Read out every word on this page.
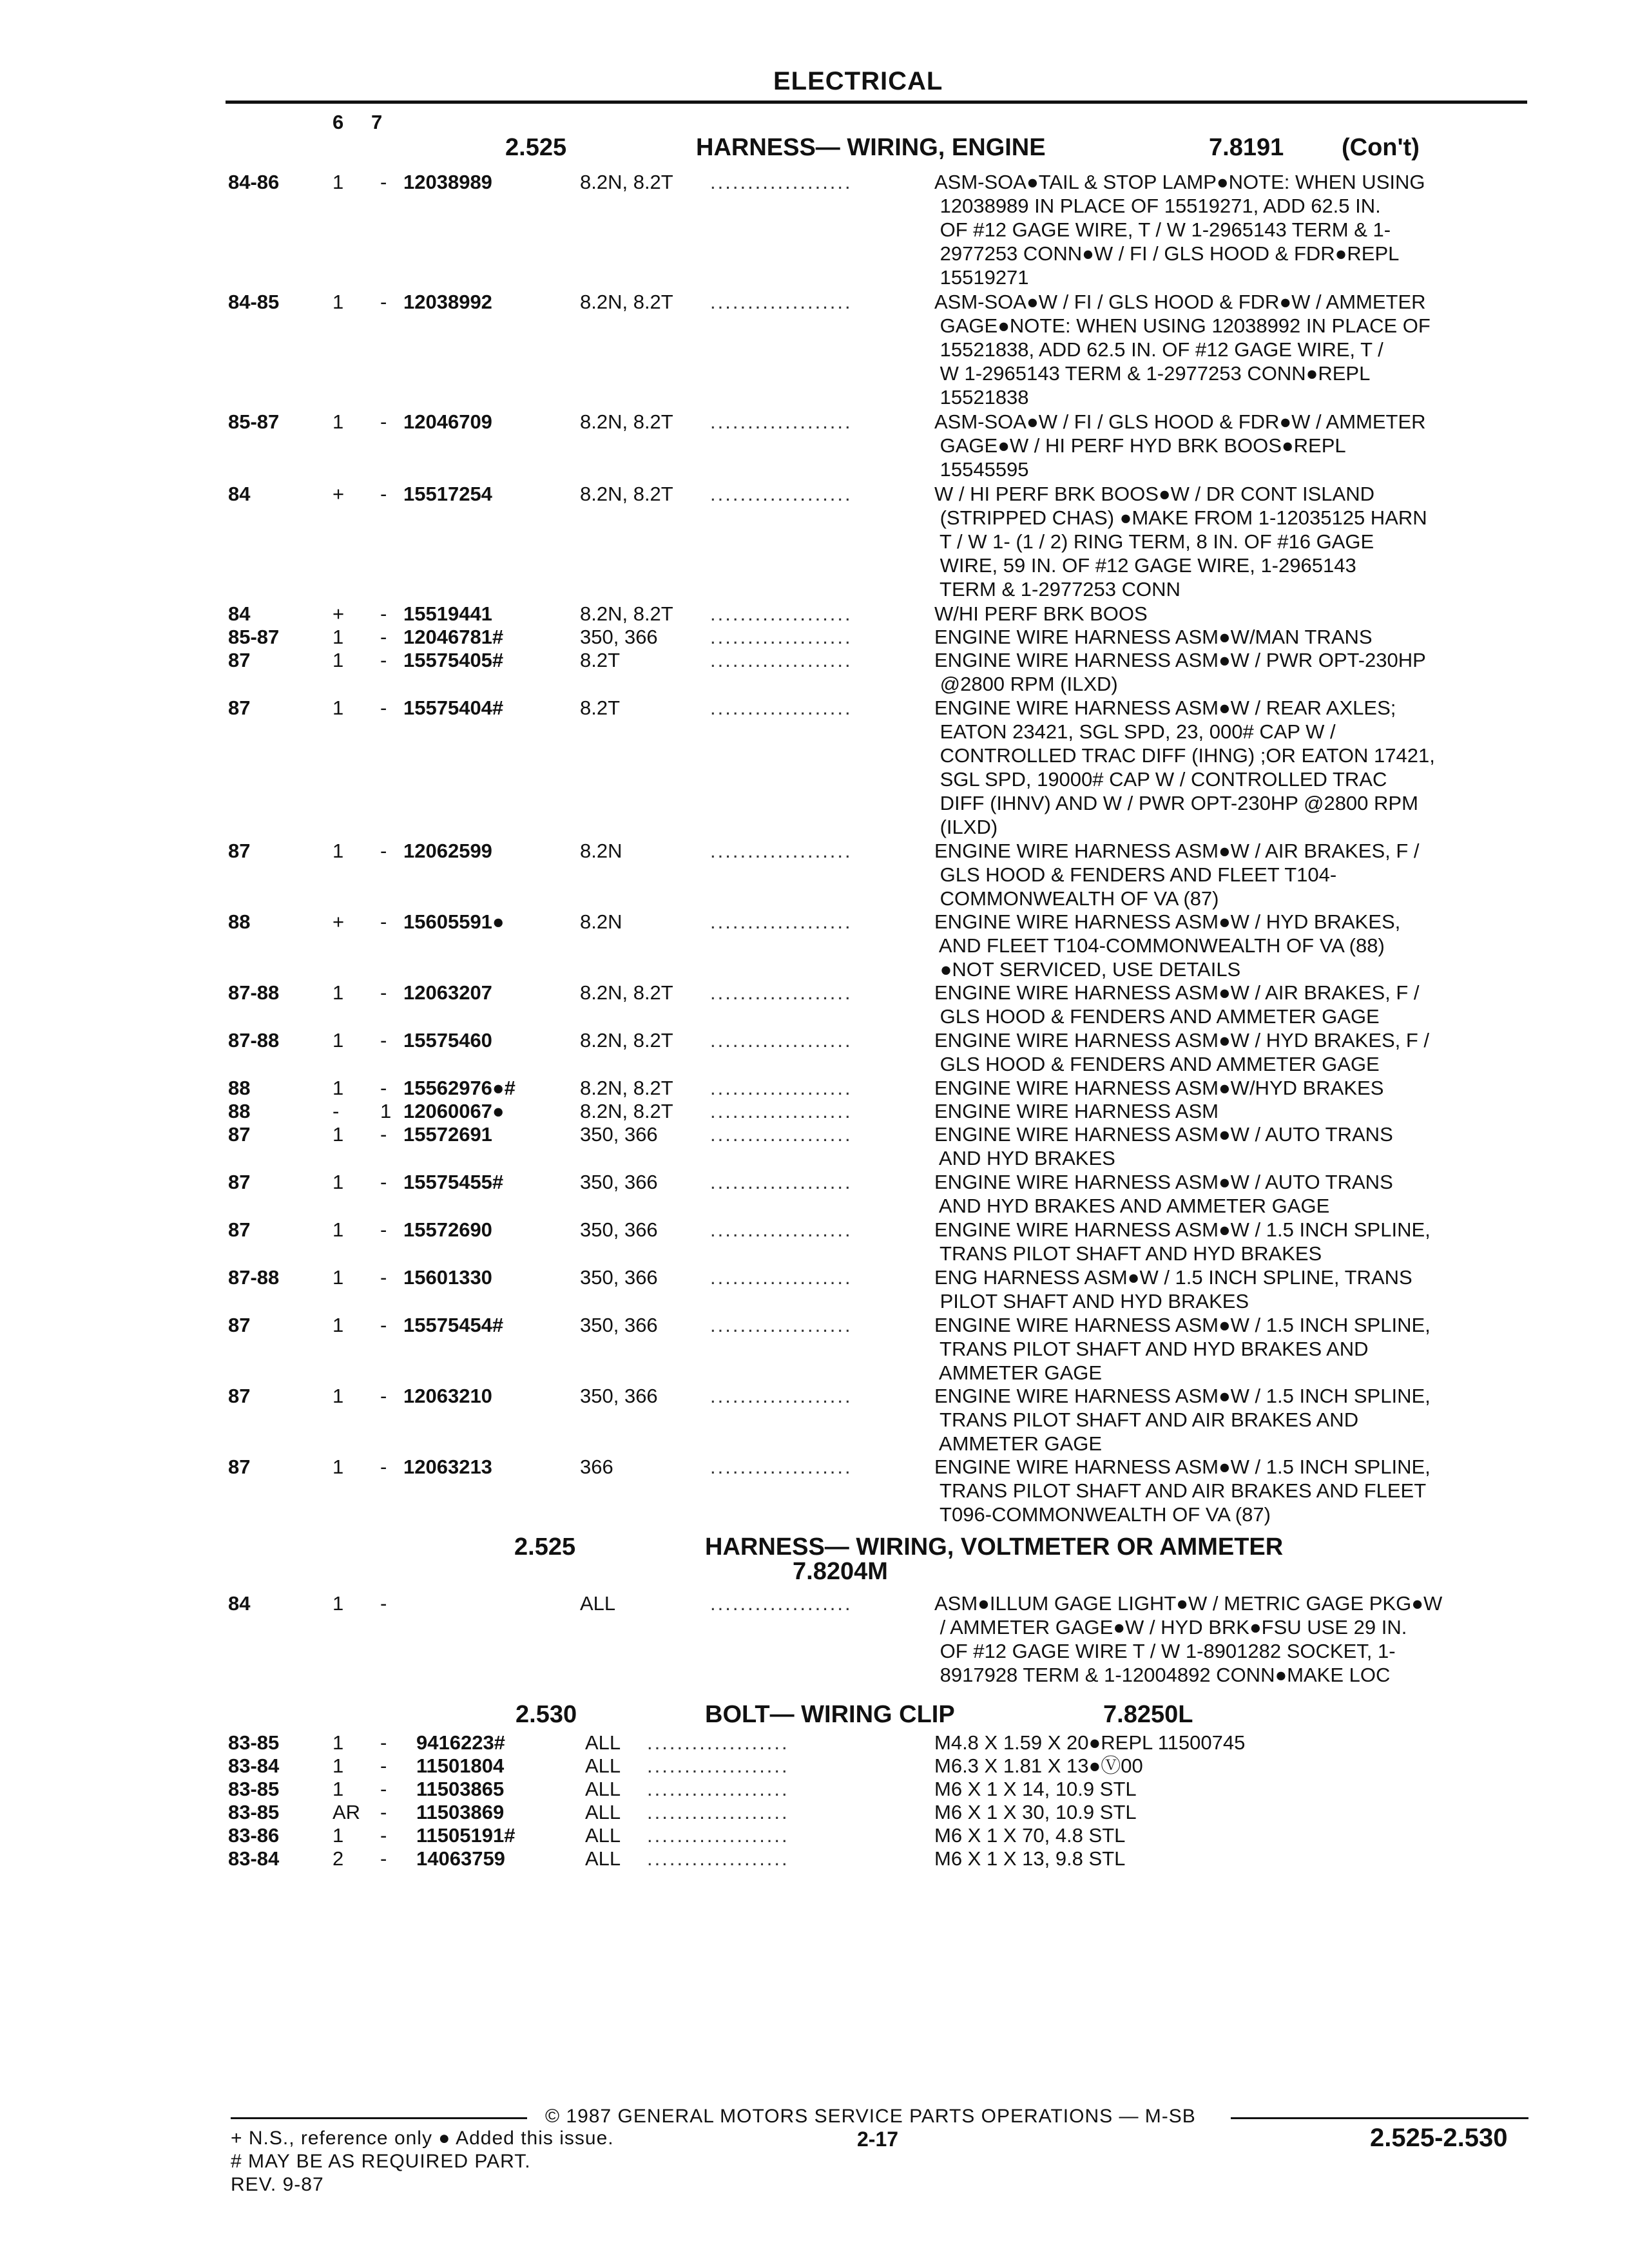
ELECTRICAL
6 7
2.525	HARNESS— WIRING, ENGINE	7.8191 (Con't)
84-86	1 - 12038989	8.2N, 8.2T ...................	ASM-SOA●TAIL & STOP LAMP●NOTE: WHEN USING
12038989 IN PLACE OF 15519271, ADD 62.5 IN.
OF #12 GAGE WIRE, T / W 1-2965143 TERM & 1-
2977253 CONN●W / FI / GLS HOOD & FDR●REPL
15519271
84-85	1 - 12038992	8.2N, 8.2T ...................	ASM-SOA●W / FI / GLS HOOD & FDR●W / AMMETER
GAGE●NOTE: WHEN USING 12038992 IN PLACE OF
15521838, ADD 62.5 IN. OF #12 GAGE WIRE, T /
W 1-2965143 TERM & 1-2977253 CONN●REPL
15521838
85-87	1 - 12046709	8.2N, 8.2T ...................	ASM-SOA●W / FI / GLS HOOD & FDR●W / AMMETER
GAGE●W / HI PERF HYD BRK BOOS●REPL
15545595
84	+ - 15517254	8.2N, 8.2T ...................	W / HI PERF BRK BOOS●W / DR CONT ISLAND
(STRIPPED CHAS) ●MAKE FROM 1-12035125 HARN
T / W 1- (1 / 2) RING TERM, 8 IN. OF #16 GAGE
WIRE, 59 IN. OF #12 GAGE WIRE, 1-2965143
TERM & 1-2977253 CONN
84	+ - 15519441	8.2N, 8.2T ...................	W/HI PERF BRK BOOS
85-87	1 - 12046781#	350, 366	...................	ENGINE WIRE HARNESS ASM●W/MAN TRANS
87	1 - 15575405#	8.2T	...................	ENGINE WIRE HARNESS ASM●W / PWR OPT-230HP
@2800 RPM (ILXD)
87	1 - 15575404#	8.2T	...................	ENGINE WIRE HARNESS ASM●W / REAR AXLES;
EATON 23421, SGL SPD, 23, 000# CAP W /
CONTROLLED TRAC DIFF (IHNG) ;OR EATON 17421,
SGL SPD, 19000# CAP W / CONTROLLED TRAC
DIFF (IHNV) AND W / PWR OPT-230HP @2800 RPM
(ILXD)
87	1 - 12062599	8.2N	...................	ENGINE WIRE HARNESS ASM●W / AIR BRAKES, F /
GLS HOOD & FENDERS AND FLEET T104-
COMMONWEALTH OF VA (87)
88	+ - 15605591●	8.2N	...................	ENGINE WIRE HARNESS ASM●W / HYD BRAKES,
AND FLEET T104-COMMONWEALTH OF VA (88)
●NOT SERVICED, USE DETAILS
87-88	1 - 12063207	8.2N, 8.2T ...................	ENGINE WIRE HARNESS ASM●W / AIR BRAKES, F /
GLS HOOD & FENDERS AND AMMETER GAGE
87-88	1 - 15575460	8.2N, 8.2T ...................	ENGINE WIRE HARNESS ASM●W / HYD BRAKES, F /
GLS HOOD & FENDERS AND AMMETER GAGE
88	1 - 15562976●#	8.2N, 8.2T ...................	ENGINE WIRE HARNESS ASM●W/HYD BRAKES
88	- 1 12060067●	8.2N, 8.2T ...................	ENGINE WIRE HARNESS ASM
87	1 - 15572691	350, 366	...................	ENGINE WIRE HARNESS ASM●W / AUTO TRANS
AND HYD BRAKES
87	1 - 15575455#	350, 366	...................	ENGINE WIRE HARNESS ASM●W / AUTO TRANS
AND HYD BRAKES AND AMMETER GAGE
87	1 - 15572690	350, 366	...................	ENGINE WIRE HARNESS ASM●W / 1.5 INCH SPLINE,
TRANS PILOT SHAFT AND HYD BRAKES
87-88	1 - 15601330	350, 366	...................	ENG HARNESS ASM●W / 1.5 INCH SPLINE, TRANS
PILOT SHAFT AND HYD BRAKES
87	1 - 15575454#	350, 366	...................	ENGINE WIRE HARNESS ASM●W / 1.5 INCH SPLINE,
TRANS PILOT SHAFT AND HYD BRAKES AND
AMMETER GAGE
87	1 - 12063210	350, 366	...................	ENGINE WIRE HARNESS ASM●W / 1.5 INCH SPLINE,
TRANS PILOT SHAFT AND AIR BRAKES AND
AMMETER GAGE
87	1 - 12063213	366	...................	ENGINE WIRE HARNESS ASM●W / 1.5 INCH SPLINE,
TRANS PILOT SHAFT AND AIR BRAKES AND FLEET
T096-COMMONWEALTH OF VA (87)
2.525	HARNESS— WIRING, VOLTMETER OR AMMETER
7.8204M
84	1 -	ALL	...................	ASM●ILLUM GAGE LIGHT●W / METRIC GAGE PKG●W
/ AMMETER GAGE●W / HYD BRK●FSU USE 29 IN.
OF #12 GAGE WIRE T / W 1-8901282 SOCKET, 1-
8917928 TERM & 1-12004892 CONN●MAKE LOC
2.530	BOLT— WIRING CLIP	7.8250L
83-85	1 - 9416223#	ALL ...................	M4.8 X 1.59 X 20●REPL 11500745
83-84	1 - 11501804	ALL ...................	M6.3 X 1.81 X 13●Ⓥ00
83-85	1 - 11503865	ALL ...................	M6 X 1 X 14, 10.9 STL
83-85	AR - 11503869	ALL ...................	M6 X 1 X 30, 10.9 STL
83-86	1 - 11505191#	ALL ...................	M6 X 1 X 70, 4.8 STL
83-84	2 - 14063759	ALL ...................	M6 X 1 X 13, 9.8 STL
© 1987 GENERAL MOTORS SERVICE PARTS OPERATIONS — M-SB
+ N.S., reference only ● Added this issue.
# MAY BE AS REQUIRED PART.
REV. 9-87
2-17	2.525-2.530
